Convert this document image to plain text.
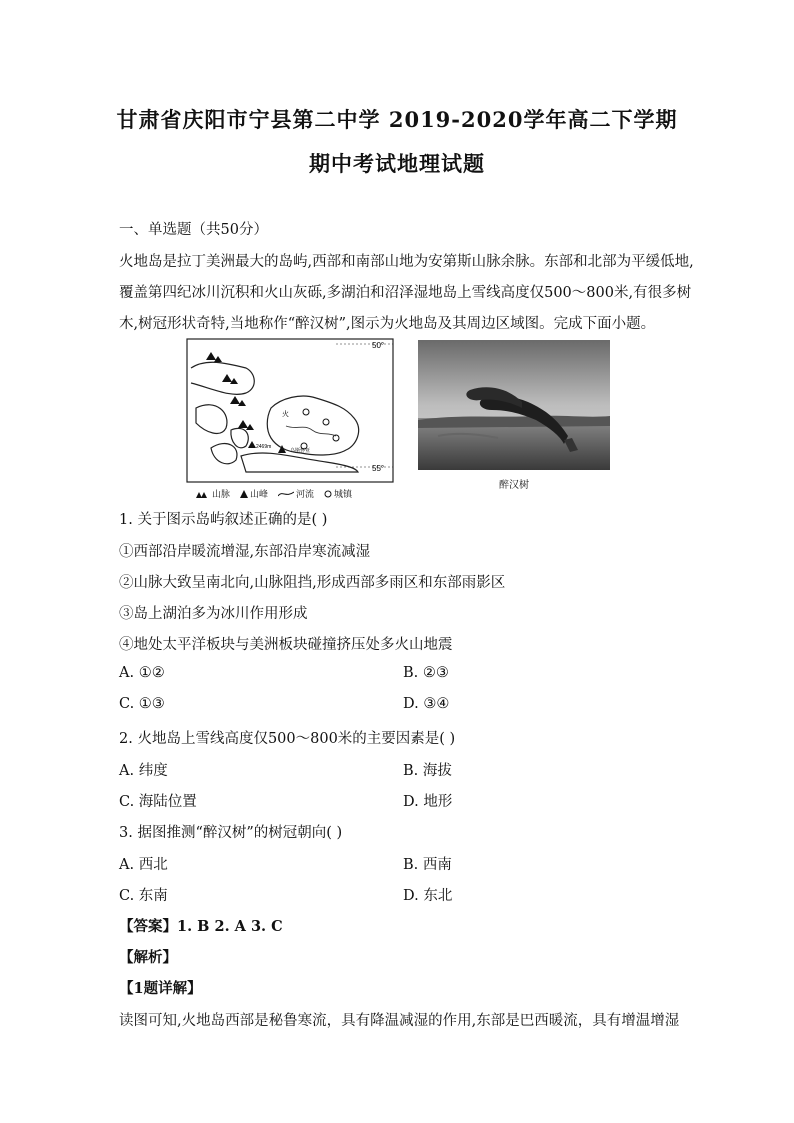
甘肃省庆阳市宁县第二中学 2019-2020学年高二下学期
期中考试地理试题
一、单选题（共50分）
火地岛是拉丁美洲最大的岛屿,西部和南部山地为安第斯山脉余脉。东部和北部为平缓低地,
覆盖第四纪冰川沉积和火山灰砾,多湖泊和沼泽湿地岛上雪线高度仅500～800米,有很多树
木,树冠形状奇特,当地称作“醉汉树”,图示为火地岛及其周边区域图。完成下面小题。
50°
55°
2469m
乌斯怀亚
火
山脉 山峰	河流 城镇
醉汉树
1. 关于图示岛屿叙述正确的是( )
①西部沿岸暖流增湿,东部沿岸寒流减湿
②山脉大致呈南北向,山脉阻挡,形成西部多雨区和东部雨影区
③岛上湖泊多为冰川作用形成
④地处太平洋板块与美洲板块碰撞挤压处多火山地震
A. ①②	B. ②③
C. ①③	D. ③④
2. 火地岛上雪线高度仅500～800米的主要因素是( )
A. 纬度	B. 海拔
C. 海陆位置	D. 地形
3. 据图推测“醉汉树”的树冠朝向( )
A. 西北	B. 西南
C. 东南	D. 东北
【答案】1. B 2. A 3. C
【解析】
【1题详解】
读图可知,火地岛西部是秘鲁寒流，具有降温减湿的作用,东部是巴西暖流，具有增温增湿
